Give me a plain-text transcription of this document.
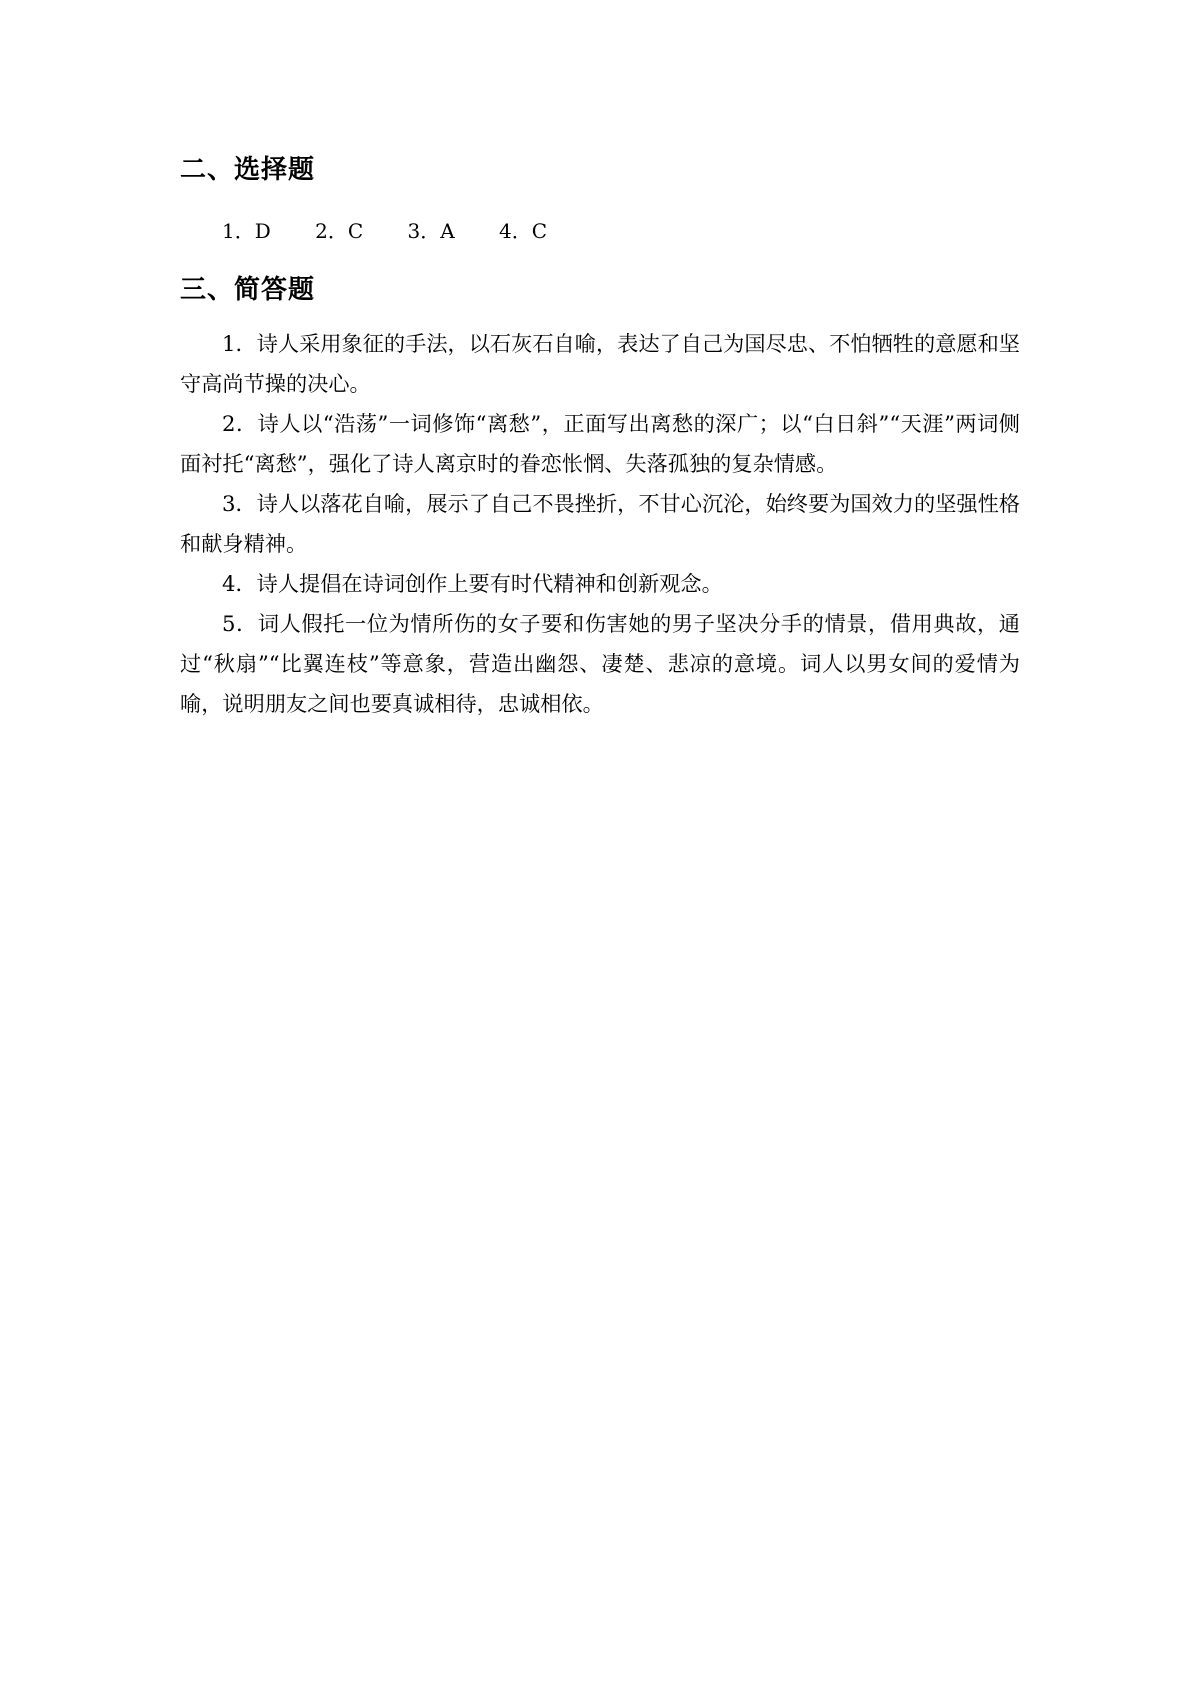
二、选择题
1．D 2．C 3．A 4．C
三、简答题

1．诗人采用象征的手法，以石灰石自喻，表达了自己为国尽忠、不怕牺牲的意愿和坚守高尚节操的决心。

2．诗人以“浩荡”一词修饰“离愁”，正面写出离愁的深广；以“白日斜”“天涯”两词侧面衬托“离愁”，强化了诗人离京时的眷恋怅惘、失落孤独的复杂情感。

3．诗人以落花自喻，展示了自己不畏挫折，不甘心沉沦，始终要为国效力的坚强性格和献身精神。

4．诗人提倡在诗词创作上要有时代精神和创新观念。

5．词人假托一位为情所伤的女子要和伤害她的男子坚决分手的情景，借用典故，通过“秋扇”“比翼连枝”等意象，营造出幽怨、凄楚、悲凉的意境。词人以男女间的爱情为喻，说明朋友之间也要真诚相待，忠诚相依。
